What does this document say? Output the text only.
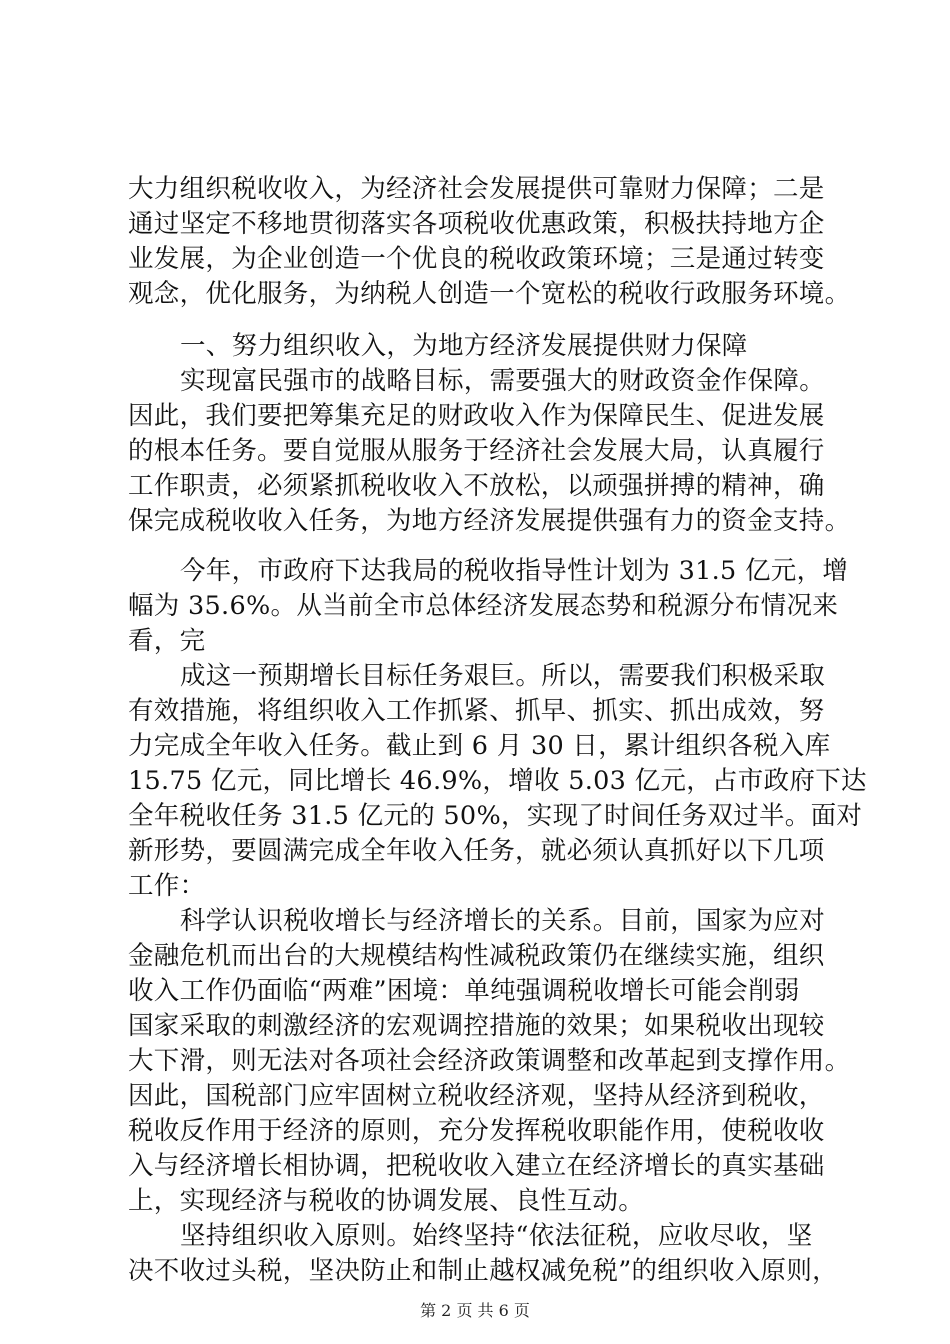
大力组织税收收入，为经济社会发展提供可靠财力保障；二是
通过坚定不移地贯彻落实各项税收优惠政策，积极扶持地方企
业发展，为企业创造一个优良的税收政策环境；三是通过转变
观念，优化服务，为纳税人创造一个宽松的税收行政服务环境。
一、努力组织收入，为地方经济发展提供财力保障
实现富民强市的战略目标，需要强大的财政资金作保障。
因此，我们要把筹集充足的财政收入作为保障民生、促进发展
的根本任务。要自觉服从服务于经济社会发展大局，认真履行
工作职责，必须紧抓税收收入不放松，以顽强拼搏的精神，确
保完成税收收入任务，为地方经济发展提供强有力的资金支持。
今年，市政府下达我局的税收指导性计划为 31.5 亿元，增
幅为 35.6%。从当前全市总体经济发展态势和税源分布情况来
看，完
成这一预期增长目标任务艰巨。所以，需要我们积极采取
有效措施，将组织收入工作抓紧、抓早、抓实、抓出成效，努
力完成全年收入任务。截止到 6 月 30 日，累计组织各税入库
15.75 亿元，同比增长 46.9%，增收 5.03 亿元，占市政府下达
全年税收任务 31.5 亿元的 50%，实现了时间任务双过半。面对
新形势，要圆满完成全年收入任务，就必须认真抓好以下几项
工作：
科学认识税收增长与经济增长的关系。目前，国家为应对
金融危机而出台的大规模结构性减税政策仍在继续实施，组织
收入工作仍面临“两难”困境：单纯强调税收增长可能会削弱
国家采取的刺激经济的宏观调控措施的效果；如果税收出现较
大下滑，则无法对各项社会经济政策调整和改革起到支撑作用。
因此，国税部门应牢固树立税收经济观，坚持从经济到税收，
税收反作用于经济的原则，充分发挥税收职能作用，使税收收
入与经济增长相协调，把税收收入建立在经济增长的真实基础
上，实现经济与税收的协调发展、良性互动。
坚持组织收入原则。始终坚持“依法征税，应收尽收，坚
决不收过头税，坚决防止和制止越权减免税”的组织收入原则，
第 2 页 共 6 页
